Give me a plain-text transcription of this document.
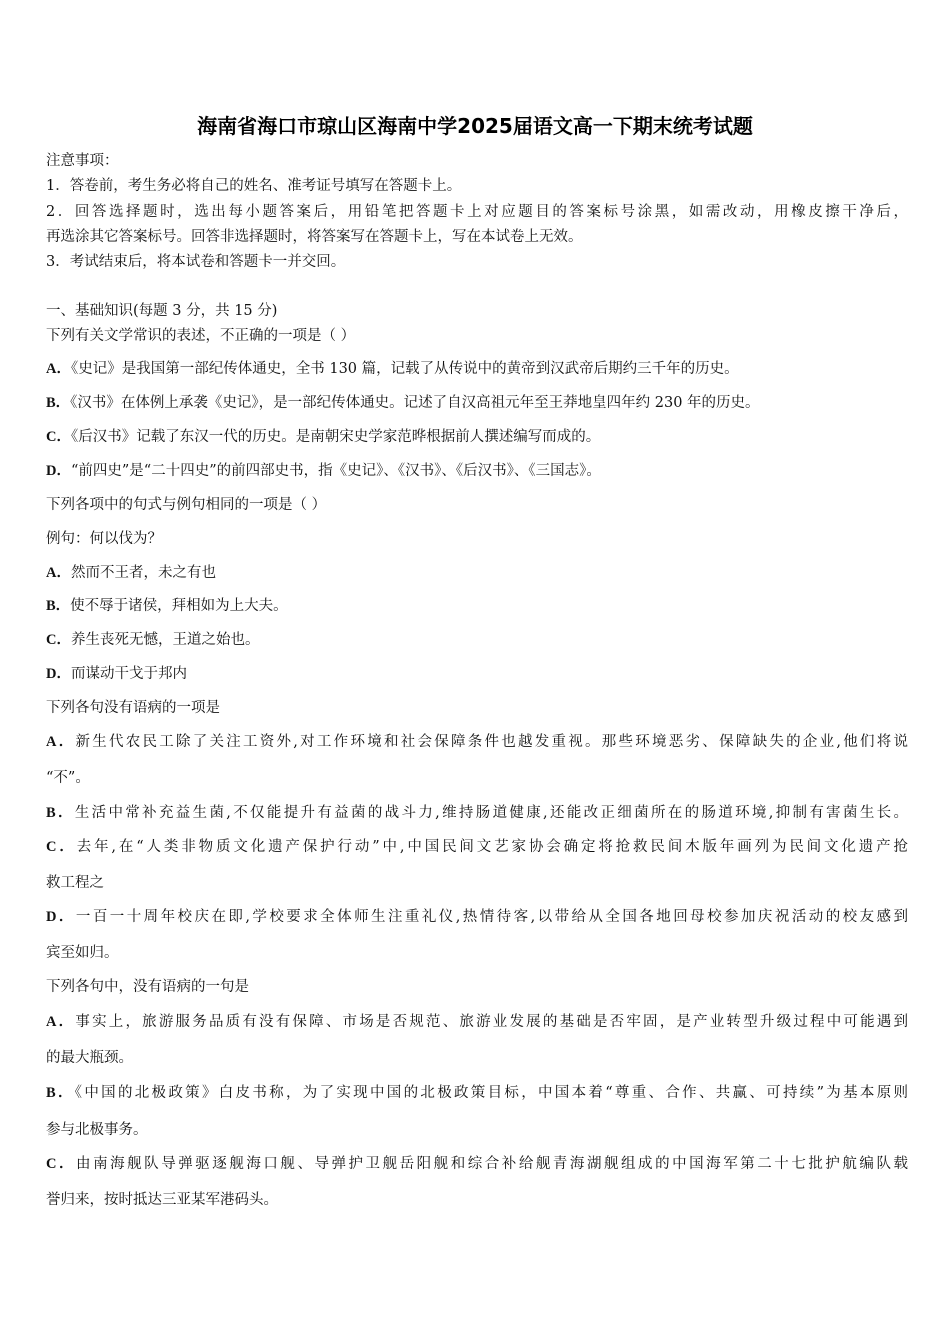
海南省海口市琼山区海南中学2025届语文高一下期末统考试题
注意事项：
1．答卷前，考生务必将自己的姓名、准考证号填写在答题卡上。
2．回答选择题时，选出每小题答案后，用铅笔把答题卡上对应题目的答案标号涂黑，如需改动，用橡皮擦干净后，
再选涂其它答案标号。回答非选择题时，将答案写在答题卡上，写在本试卷上无效。
3．考试结束后，将本试卷和答题卡一并交回。
一、基础知识(每题 3 分，共 15 分)
下列有关文学常识的表述，不正确的一项是（ ）
A．《史记》是我国第一部纪传体通史，全书 130 篇，记载了从传说中的黄帝到汉武帝后期约三千年的历史。
B．《汉书》在体例上承袭《史记》，是一部纪传体通史。记述了自汉高祖元年至王莽地皇四年约 230 年的历史。
C．《后汉书》记载了东汉一代的历史。是南朝宋史学家范晔根据前人撰述编写而成的。
D．“前四史”是“二十四史”的前四部史书，指《史记》、《汉书》、《后汉书》、《三国志》。
下列各项中的句式与例句相同的一项是（ ）
例句：何以伐为？
A．然而不王者，未之有也
B．使不辱于诸侯，拜相如为上大夫。
C．养生丧死无憾，王道之始也。
D．而谋动干戈于邦内
下列各句没有语病的一项是
A．新生代农民工除了关注工资外,对工作环境和社会保障条件也越发重视。那些环境恶劣、保障缺失的企业,他们将说
“不”。
B．生活中常补充益生菌,不仅能提升有益菌的战斗力,维持肠道健康,还能改正细菌所在的肠道环境,抑制有害菌生长。
C．去年,在“人类非物质文化遗产保护行动”中,中国民间文艺家协会确定将抢救民间木版年画列为民间文化遗产抢
救工程之
D．一百一十周年校庆在即,学校要求全体师生注重礼仪,热情待客,以带给从全国各地回母校参加庆祝活动的校友感到
宾至如归。
下列各句中，没有语病的一句是
A．事实上，旅游服务品质有没有保障、市场是否规范、旅游业发展的基础是否牢固，是产业转型升级过程中可能遇到
的最大瓶颈。
B．《中国的北极政策》白皮书称，为了实现中国的北极政策目标，中国本着“尊重、合作、共赢、可持续”为基本原则
参与北极事务。
C．由南海舰队导弹驱逐舰海口舰、导弹护卫舰岳阳舰和综合补给舰青海湖舰组成的中国海军第二十七批护航编队载
誉归来，按时抵达三亚某军港码头。
